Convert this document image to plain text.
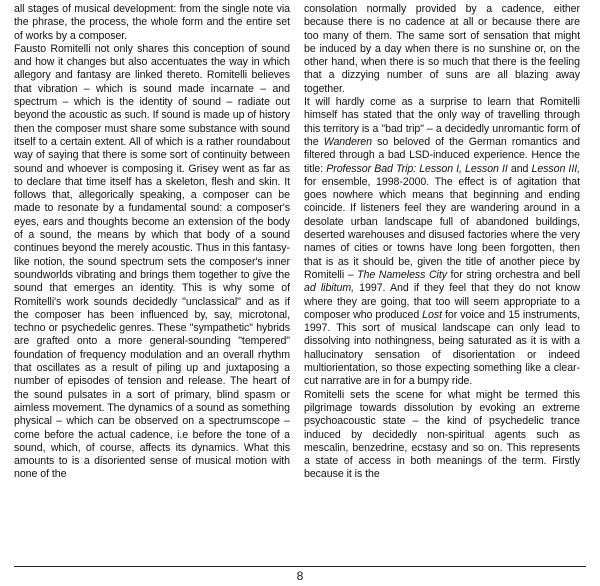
all stages of musical development: from the single note via the phrase, the process, the whole form and the entire set of works by a composer.

Fausto Romitelli not only shares this conception of sound and how it changes but also accentuates the way in which allegory and fantasy are linked thereto. Romitelli believes that vibration – which is sound made incarnate – and spectrum – which is the identity of sound – radiate out beyond the acoustic as such. If sound is made up of history then the composer must share some substance with sound itself to a certain extent. All of which is a rather roundabout way of saying that there is some sort of continuity between sound and whoever is composing it. Grisey went as far as to declare that time itself has a skeleton, flesh and skin. It follows that, allegorically speaking, a composer can be made to resonate by a fundamental sound: a composer's eyes, ears and thoughts become an extension of the body of a sound, the means by which that body of a sound continues beyond the merely acoustic. Thus in this fantasy-like notion, the sound spectrum sets the composer's inner soundworlds vibrating and brings them together to give the sound that emerges an identity. This is why some of Romitelli's work sounds decidedly "unclassical" and as if the composer has been influenced by, say, microtonal, techno or psychedelic genres. These "sympathetic" hybrids are grafted onto a more general-sounding "tempered" foundation of frequency modulation and an overall rhythm that oscillates as a result of piling up and juxtaposing a number of episodes of tension and release. The heart of the sound pulsates in a sort of primary, blind spasm or aimless movement. The dynamics of a sound as something physical – which can be observed on a spectrumscope – come before the actual cadence, i.e before the tone of a sound, which, of course, affects its dynamics. What this amounts to is a disoriented sense of musical motion with none of the

consolation normally provided by a cadence, either because there is no cadence at all or because there are too many of them. The same sort of sensation that might be induced by a day when there is no sunshine or, on the other hand, when there is so much that there is the feeling that a dizzying number of suns are all blazing away together.

It will hardly come as a surprise to learn that Romitelli himself has stated that the only way of travelling through this territory is a "bad trip" – a decidedly unromantic form of the Wanderen so beloved of the German romantics and filtered through a bad LSD-induced experience. Hence the title: Professor Bad Trip: Lesson I, Lesson II and Lesson III, for ensemble, 1998-2000. The effect is of agitation that goes nowhere which means that beginning and ending coincide. If listeners feel they are wandering around in a desolate urban landscape full of abandoned buildings, deserted warehouses and disused factories where the very names of cities or towns have long been forgotten, then that is as it should be, given the title of another piece by Romitelli – The Nameless City for string orchestra and bell ad libitum, 1997. And if they feel that they do not know where they are going, that too will seem appropriate to a composer who produced Lost for voice and 15 instruments, 1997. This sort of musical landscape can only lead to dissolving into nothingness, being saturated as it is with a hallucinatory sensation of disorientation or indeed multiorientation, so those expecting something like a clear-cut narrative are in for a bumpy ride.

Romitelli sets the scene for what might be termed this pilgrimage towards dissolution by evoking an extreme psychoacoustic state – the kind of psychedelic trance induced by decidedly non-spiritual agents such as mescalin, benzedrine, ecstasy and so on. This represents a state of access in both meanings of the term. Firstly because it is the

8
